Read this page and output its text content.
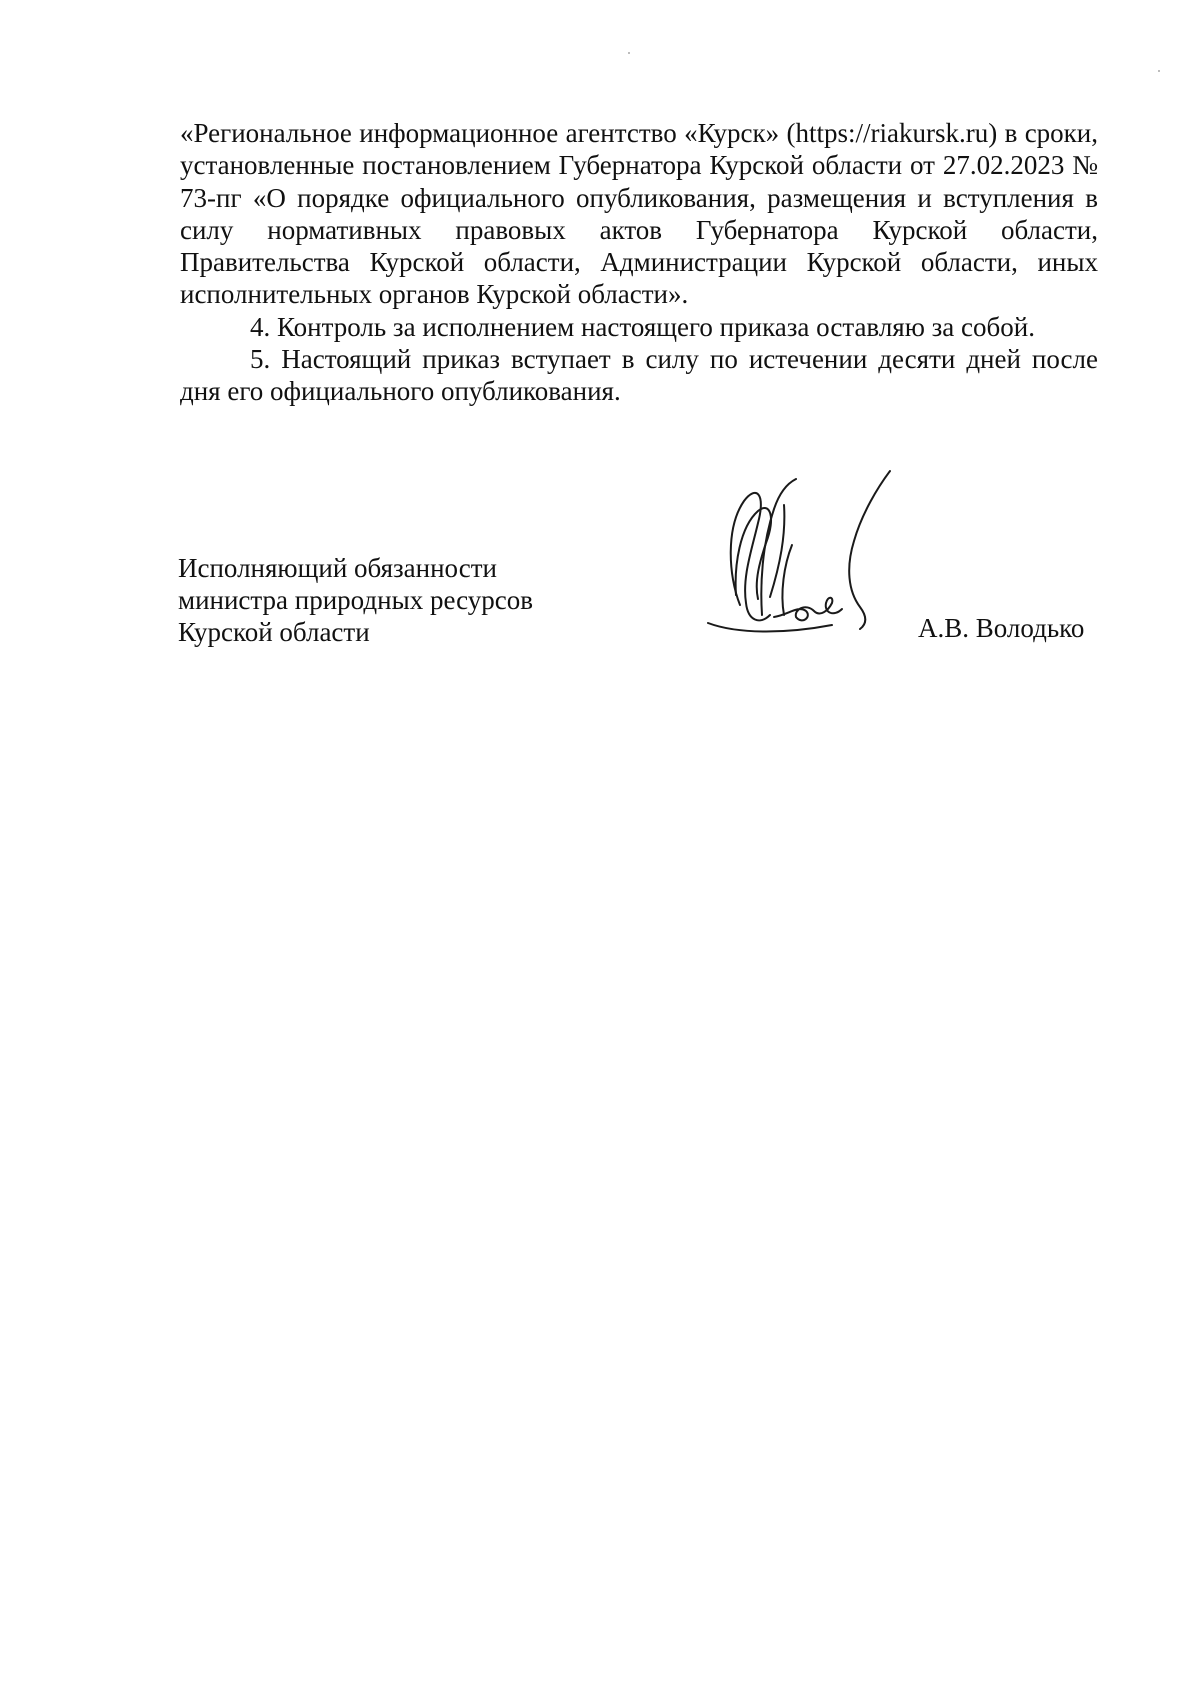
«Региональное информационное агентство «Курск» (https://riakursk.ru) в сроки, установленные постановлением Губернатора Курской области от 27.02.2023 № 73-пг «О порядке официального опубликования, размещения и вступления в силу нормативных правовых актов Губернатора Курской области, Правительства Курской области, Администрации Курской области, иных исполнительных органов Курской области».

4. Контроль за исполнением настоящего приказа оставляю за собой.

5. Настоящий приказ вступает в силу по истечении десяти дней после дня его официального опубликования.

Исполняющий обязанности
министра природных ресурсов
Курской области	А.В. Володько
